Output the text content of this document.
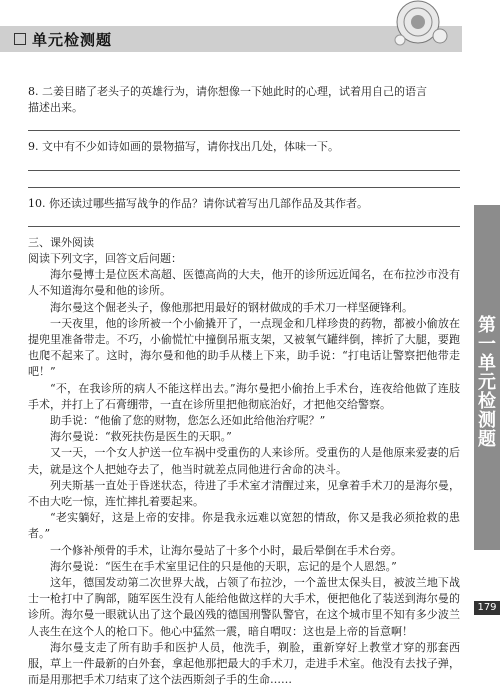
单元检测题
第一单元检测题
179

8. 二姜目睹了老头子的英雄行为，请你想像一下她此时的心理，试着用自己的语言

描述出来。

9. 文中有不少如诗如画的景物描写，请你找出几处，体味一下。

10. 你还读过哪些描写战争的作品？请你试着写出几部作品及其作者。

三、课外阅读

阅读下列文字，回答文后问题：

海尔曼博士是位医术高超、医德高尚的大夫，他开的诊所远近闻名，在布拉沙市没有人不知道海尔曼和他的诊所。

海尔曼这个倔老头子，像他那把用最好的钢材做成的手术刀一样坚硬锋利。

一天夜里，他的诊所被一个小偷撬开了，一点现金和几样珍贵的药物，都被小偷放在提兜里准备带走。不巧，小偷慌忙中撞倒吊瓶支架，又被氧气罐绊倒，摔折了大腿，要跑也爬不起来了。这时，海尔曼和他的助手从楼上下来，助手说：“打电话让警察把他带走吧！”

“不，在我诊所的病人不能这样出去。”海尔曼把小偷抬上手术台，连夜给他做了连肢手术，并打上了石膏绷带，一直在诊所里把他彻底治好，才把他交给警察。

助手说：“他偷了您的财物，您怎么还如此给他治疗呢？”

海尔曼说：“救死扶伤是医生的天职。”

又一天，一个女人护送一位车祸中受重伤的人来诊所。受重伤的人是他原来爱妻的后夫，就是这个人把她夺去了，他当时就差点同他进行舍命的决斗。

列夫斯基一直处于昏迷状态，待进了手术室才清醒过来，见拿着手术刀的是海尔曼，不由大吃一惊，连忙摔扎着要起来。

“老实躺好，这是上帝的安排。你是我永远难以宽恕的情敌，你又是我必须抢救的患者。”

一个修补颅骨的手术，让海尔曼站了十多个小时，最后晕倒在手术台旁。

海尔曼说：“医生在手术室里记住的只是他的天职，忘记的是个人恩怨。”

这年，德国发动第二次世界大战，占领了布拉沙，一个盖世太保头目，被波兰地下战士一枪打中了胸部，随军医生没有人能给他做这样的大手术，便把他化了装送到海尔曼的诊所。海尔曼一眼就认出了这个最凶残的德国刑警队警官，在这个城市里不知有多少波兰人丧生在这个人的枪口下。他心中猛然一震，暗自喟叹：这也是上帝的旨意啊！

海尔曼支走了所有助手和医护人员，他洗手，剃脸，重新穿好上教堂才穿的那套西服，草上一件最新的白外套，拿起他那把最大的手术刀，走进手术室。他没有去找子弹，而是用那把手术刀结束了这个法西斯刽子手的生命……
